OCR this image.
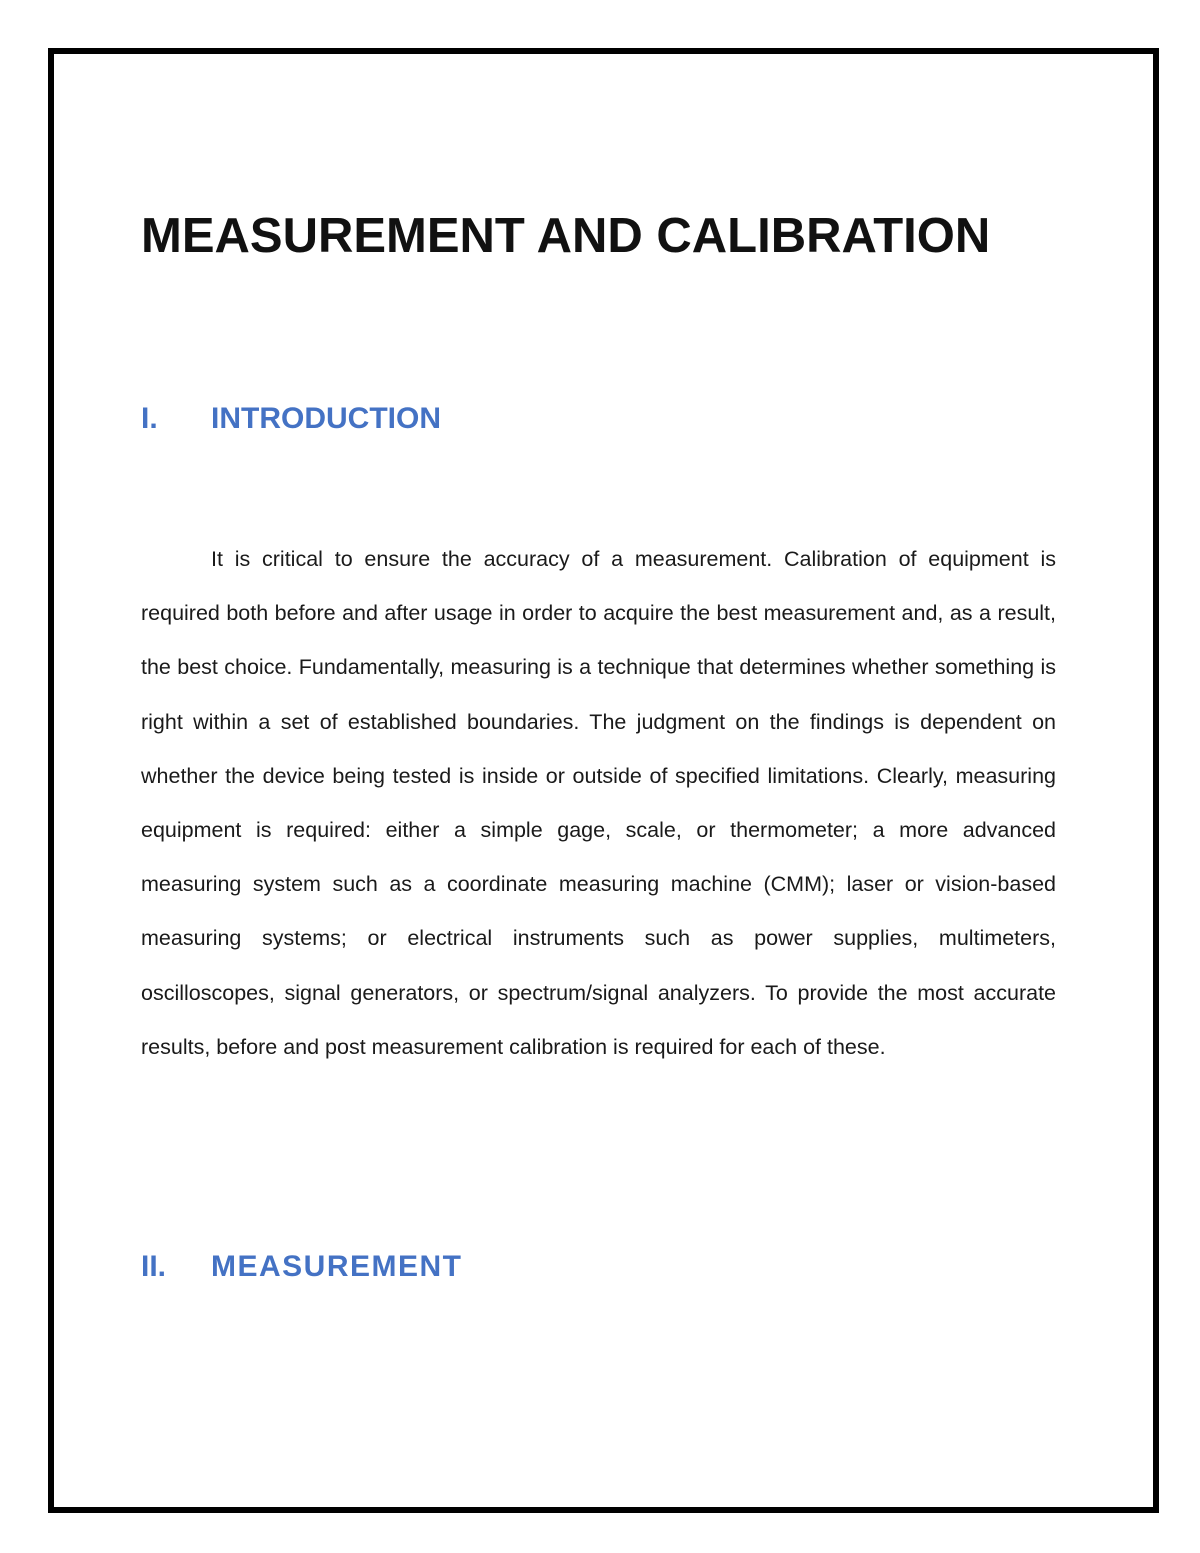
MEASUREMENT AND CALIBRATION
I. INTRODUCTION

It is critical to ensure the accuracy of a measurement. Calibration of equipment is required both before and after usage in order to acquire the best measurement and, as a result, the best choice. Fundamentally, measuring is a technique that determines whether something is right within a set of established boundaries. The judgment on the findings is dependent on whether the device being tested is inside or outside of specified limitations. Clearly, measuring equipment is required: either a simple gage, scale, or thermometer; a more advanced measuring system such as a coordinate measuring machine (CMM); laser or vision-based measuring systems; or electrical instruments such as power supplies, multimeters, oscilloscopes, signal generators, or spectrum/signal analyzers. To provide the most accurate results, before and post measurement calibration is required for each of these.

II. MEASUREMENT
